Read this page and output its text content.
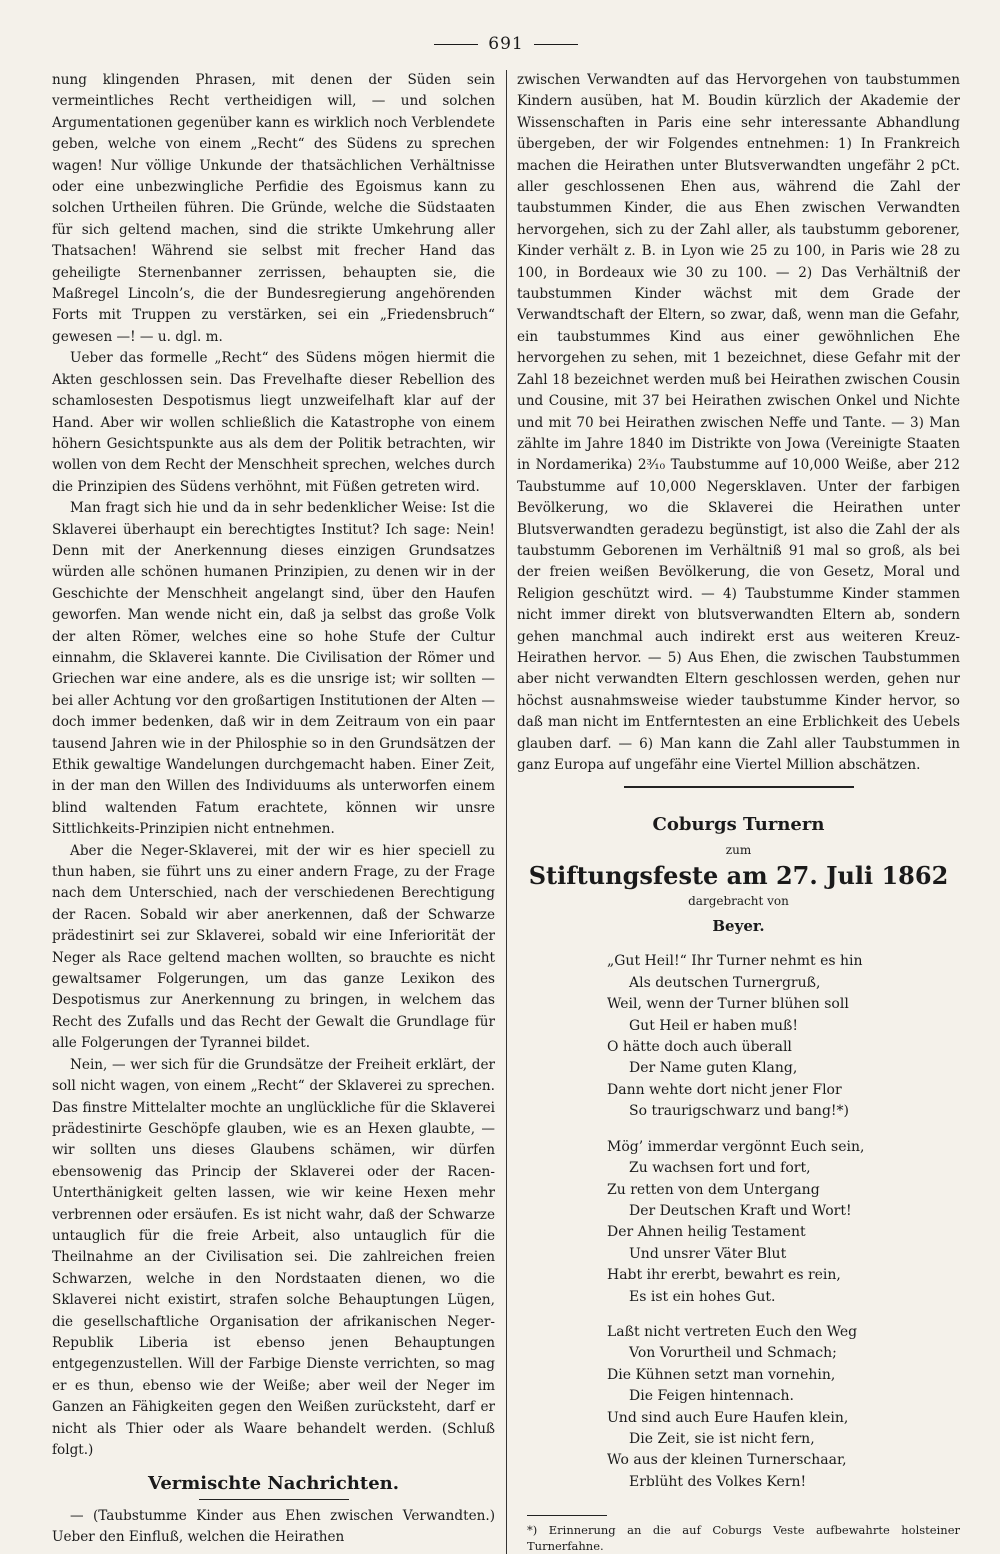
691

nung klingenden Phrasen, mit denen der Süden sein vermeintliches Recht vertheidigen will, — und solchen Argumentationen gegenüber kann es wirklich noch Verblendete geben, welche von einem „Recht“ des Südens zu sprechen wagen! Nur völlige Unkunde der thatsächlichen Verhältnisse oder eine unbezwingliche Perfidie des Egoismus kann zu solchen Urtheilen führen. Die Gründe, welche die Südstaaten für sich geltend machen, sind die strikte Umkehrung aller Thatsachen! Während sie selbst mit frecher Hand das geheiligte Sternenbanner zerrissen, behaupten sie, die Maßregel Lincoln’s, die der Bundesregierung angehörenden Forts mit Truppen zu verstärken, sei ein „Friedensbruch“ gewesen —! — u. dgl. m.

Ueber das formelle „Recht“ des Südens mögen hiermit die Akten geschlossen sein. Das Frevelhafte dieser Rebellion des schamlosesten Despotismus liegt unzweifelhaft klar auf der Hand. Aber wir wollen schließlich die Katastrophe von einem höhern Gesichtspunkte aus als dem der Politik betrachten, wir wollen von dem Recht der Menschheit sprechen, welches durch die Prinzipien des Südens verhöhnt, mit Füßen getreten wird.

Man fragt sich hie und da in sehr bedenklicher Weise: Ist die Sklaverei überhaupt ein berechtigtes Institut? Ich sage: Nein! Denn mit der Anerkennung dieses einzigen Grundsatzes würden alle schönen humanen Prinzipien, zu denen wir in der Geschichte der Menschheit angelangt sind, über den Haufen geworfen. Man wende nicht ein, daß ja selbst das große Volk der alten Römer, welches eine so hohe Stufe der Cultur einnahm, die Sklaverei kannte. Die Civilisation der Römer und Griechen war eine andere, als es die unsrige ist; wir sollten — bei aller Achtung vor den großartigen Institutionen der Alten — doch immer bedenken, daß wir in dem Zeitraum von ein paar tausend Jahren wie in der Philosphie so in den Grundsätzen der Ethik gewaltige Wandelungen durchgemacht haben. Einer Zeit, in der man den Willen des Individuums als unterworfen einem blind waltenden Fatum erachtete, können wir unsre Sittlichkeits-Prinzipien nicht entnehmen.

Aber die Neger-Sklaverei, mit der wir es hier speciell zu thun haben, sie führt uns zu einer andern Frage, zu der Frage nach dem Unterschied, nach der verschiedenen Berechtigung der Racen. Sobald wir aber anerkennen, daß der Schwarze prädestinirt sei zur Sklaverei, sobald wir eine Inferiorität der Neger als Race geltend machen wollten, so brauchte es nicht gewaltsamer Folgerungen, um das ganze Lexikon des Despotismus zur Anerkennung zu bringen, in welchem das Recht des Zufalls und das Recht der Gewalt die Grundlage für alle Folgerungen der Tyrannei bildet.

Nein, — wer sich für die Grundsätze der Freiheit erklärt, der soll nicht wagen, von einem „Recht“ der Sklaverei zu sprechen. Das finstre Mittelalter mochte an unglückliche für die Sklaverei prädestinirte Geschöpfe glauben, wie es an Hexen glaubte, — wir sollten uns dieses Glaubens schämen, wir dürfen ebensowenig das Princip der Sklaverei oder der Racen-Unterthänigkeit gelten lassen, wie wir keine Hexen mehr verbrennen oder ersäufen. Es ist nicht wahr, daß der Schwarze untauglich für die freie Arbeit, also untauglich für die Theilnahme an der Civilisation sei. Die zahlreichen freien Schwarzen, welche in den Nordstaaten dienen, wo die Sklaverei nicht existirt, strafen solche Behauptungen Lügen, die gesellschaftliche Organisation der afrikanischen Neger-Republik Liberia ist ebenso jenen Behauptungen entgegenzustellen. Will der Farbige Dienste verrichten, so mag er es thun, ebenso wie der Weiße; aber weil der Neger im Ganzen an Fähigkeiten gegen den Weißen zurücksteht, darf er nicht als Thier oder als Waare behandelt werden. (Schluß folgt.)

Vermischte Nachrichten.

— (Taubstumme Kinder aus Ehen zwischen Verwandten.) Ueber den Einfluß, welchen die Heirathen

zwischen Verwandten auf das Hervorgehen von taubstummen Kindern ausüben, hat M. Boudin kürzlich der Akademie der Wissenschaften in Paris eine sehr interessante Abhandlung übergeben, der wir Folgendes entnehmen: 1) In Frankreich machen die Heirathen unter Blutsverwandten ungefähr 2 pCt. aller geschlossenen Ehen aus, während die Zahl der taubstummen Kinder, die aus Ehen zwischen Verwandten hervorgehen, sich zu der Zahl aller, als taubstumm geborener, Kinder verhält z. B. in Lyon wie 25 zu 100, in Paris wie 28 zu 100, in Bordeaux wie 30 zu 100. — 2) Das Verhältniß der taubstummen Kinder wächst mit dem Grade der Verwandtschaft der Eltern, so zwar, daß, wenn man die Gefahr, ein taubstummes Kind aus einer gewöhnlichen Ehe hervorgehen zu sehen, mit 1 bezeichnet, diese Gefahr mit der Zahl 18 bezeichnet werden muß bei Heirathen zwischen Cousin und Cousine, mit 37 bei Heirathen zwischen Onkel und Nichte und mit 70 bei Heirathen zwischen Neffe und Tante. — 3) Man zählte im Jahre 1840 im Distrikte von Jowa (Vereinigte Staaten in Nordamerika) 2³⁄₁₀ Taubstumme auf 10,000 Weiße, aber 212 Taubstumme auf 10,000 Negersklaven. Unter der farbigen Bevölkerung, wo die Sklaverei die Heirathen unter Blutsverwandten geradezu begünstigt, ist also die Zahl der als taubstumm Geborenen im Verhältniß 91 mal so groß, als bei der freien weißen Bevölkerung, die von Gesetz, Moral und Religion geschützt wird. — 4) Taubstumme Kinder stammen nicht immer direkt von blutsverwandten Eltern ab, sondern gehen manchmal auch indirekt erst aus weiteren Kreuz-Heirathen hervor. — 5) Aus Ehen, die zwischen Taubstummen aber nicht verwandten Eltern geschlossen werden, gehen nur höchst ausnahmsweise wieder taubstumme Kinder hervor, so daß man nicht im Entferntesten an eine Erblichkeit des Uebels glauben darf. — 6) Man kann die Zahl aller Taubstummen in ganz Europa auf ungefähr eine Viertel Million abschätzen.

Coburgs Turnern
zum
Stiftungsfeste am 27. Juli 1862
dargebracht von
Beyer.
„Gut Heil!“ Ihr Turner nehmt es hin
Als deutschen Turnergruß,
Weil, wenn der Turner blühen soll
Gut Heil er haben muß!
O hätte doch auch überall
Der Name guten Klang,
Dann wehte dort nicht jener Flor
So traurigschwarz und bang!*)
Mög’ immerdar vergönnt Euch sein,
Zu wachsen fort und fort,
Zu retten von dem Untergang
Der Deutschen Kraft und Wort!
Der Ahnen heilig Testament
Und unsrer Väter Blut
Habt ihr ererbt, bewahrt es rein,
Es ist ein hohes Gut.
Laßt nicht vertreten Euch den Weg
Von Vorurtheil und Schmach;
Die Kühnen setzt man vornehin,
Die Feigen hintennach.
Und sind auch Eure Haufen klein,
Die Zeit, sie ist nicht fern,
Wo aus der kleinen Turnerschaar,
Erblüht des Volkes Kern!
*) Erinnerung an die auf Coburgs Veste aufbewahrte holsteiner Turnerfahne.
